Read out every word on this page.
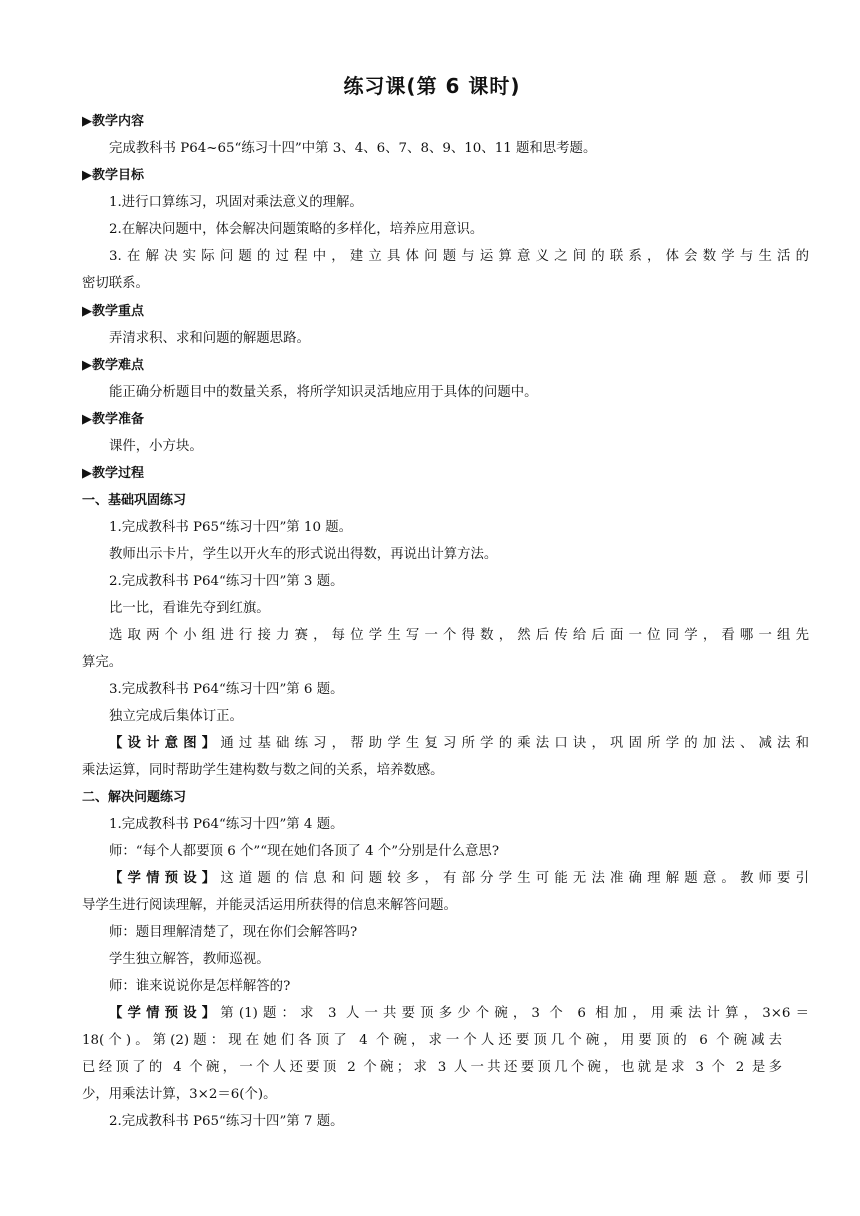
练习课(第 6 课时)
▶教学内容
完成教科书 P64~65“练习十四”中第 3、4、6、7、8、9、10、11 题和思考题。
▶教学目标
1.进行口算练习，巩固对乘法意义的理解。
2.在解决问题中，体会解决问题策略的多样化，培养应用意识。
3.在解决实际问题的过程中，建立具体问题与运算意义之间的联系，体会数学与生活的
密切联系。
▶教学重点
弄清求积、求和问题的解题思路。
▶教学难点
能正确分析题目中的数量关系，将所学知识灵活地应用于具体的问题中。
▶教学准备
课件，小方块。
▶教学过程
一、基础巩固练习
1.完成教科书 P65“练习十四”第 10 题。
教师出示卡片，学生以开火车的形式说出得数，再说出计算方法。
2.完成教科书 P64“练习十四”第 3 题。
比一比，看谁先夺到红旗。
选取两个小组进行接力赛，每位学生写一个得数，然后传给后面一位同学，看哪一组先
算完。
3.完成教科书 P64“练习十四”第 6 题。
独立完成后集体订正。
【设计意图】通过基础练习，帮助学生复习所学的乘法口诀，巩固所学的加法、减法和
乘法运算，同时帮助学生建构数与数之间的关系，培养数感。
二、解决问题练习
1.完成教科书 P64“练习十四”第 4 题。
师：“每个人都要顶 6 个”“现在她们各顶了 4 个”分别是什么意思?
【学情预设】这道题的信息和问题较多，有部分学生可能无法准确理解题意。教师要引
导学生进行阅读理解，并能灵活运用所获得的信息来解答问题。
师：题目理解清楚了，现在你们会解答吗?
学生独立解答，教师巡视。
师：谁来说说你是怎样解答的?
【学情预设】第(1)题：求 3 人一共要顶多少个碗，3 个 6 相加，用乘法计算，3×6＝
18(个)。第(2)题：现在她们各顶了 4 个碗，求一个人还要顶几个碗，用要顶的 6 个碗减去
已经顶了的 4 个碗，一个人还要顶 2 个碗；求 3 人一共还要顶几个碗，也就是求 3 个 2 是多
少，用乘法计算，3×2＝6(个)。
2.完成教科书 P65“练习十四”第 7 题。
